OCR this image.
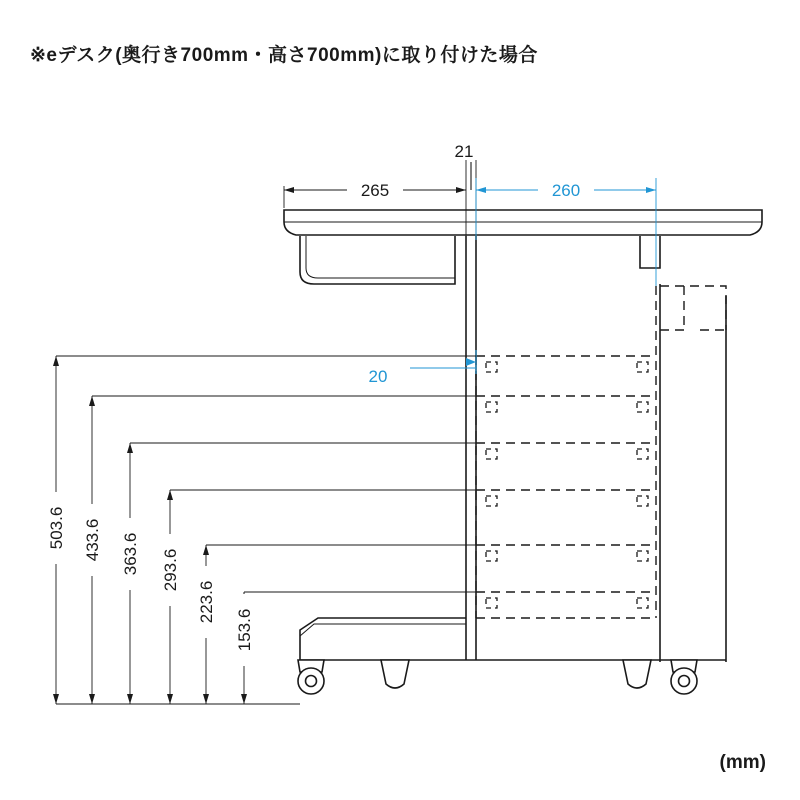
※eデスク(奥行き700mm・高さ700mm)に取り付けた場合
265
21
260
20
503.6 433.6 363.6 293.6
223.6
153.6
(mm)
